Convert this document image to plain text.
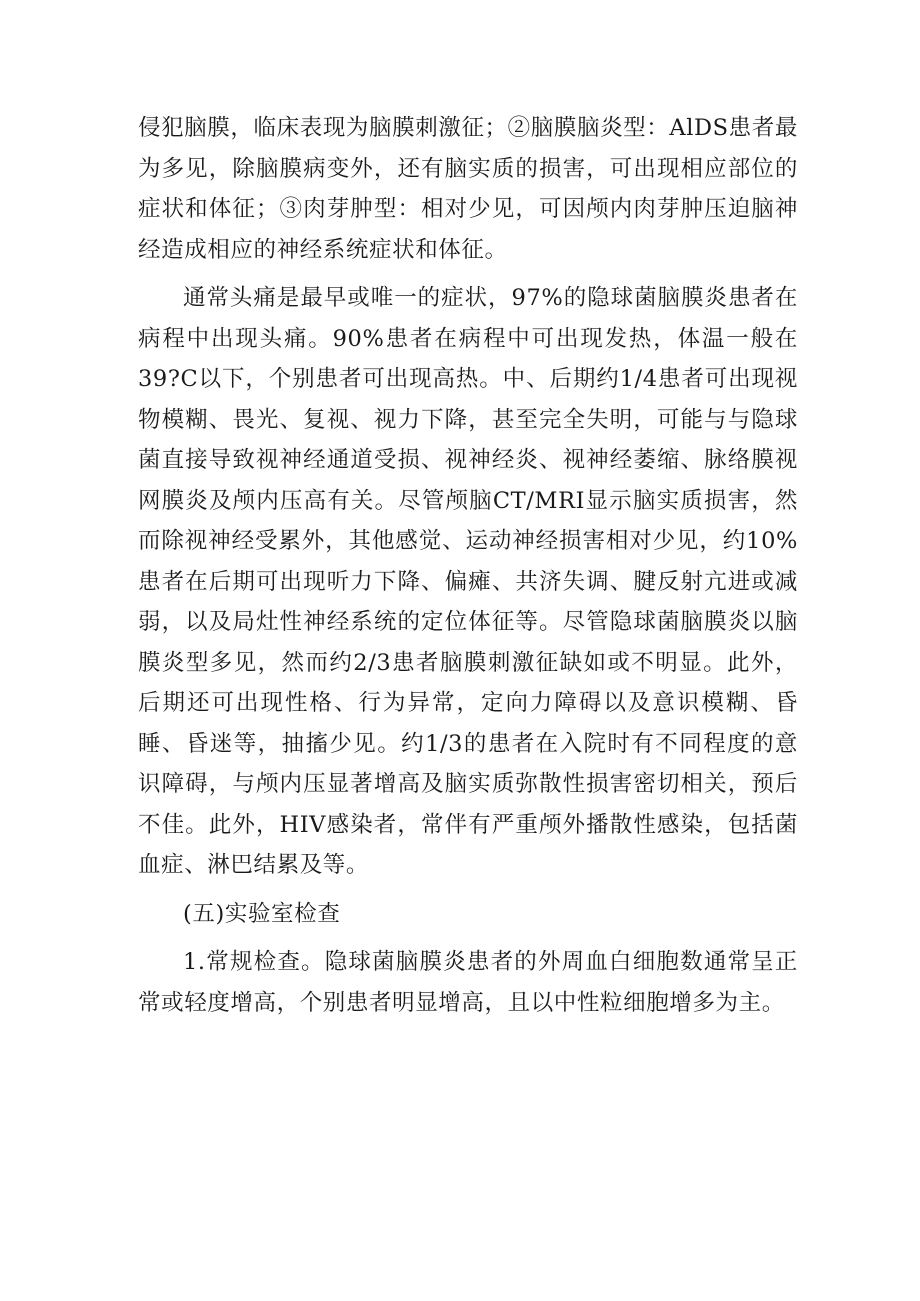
侵犯脑膜，临床表现为脑膜刺激征；②脑膜脑炎型：AlDS患者最为多见，除脑膜病变外，还有脑实质的损害，可出现相应部位的症状和体征；③肉芽肿型：相对少见，可因颅内肉芽肿压迫脑神经造成相应的神经系统症状和体征。

通常头痛是最早或唯一的症状，97%的隐球菌脑膜炎患者在病程中出现头痛。90%患者在病程中可出现发热，体温一般在39?C以下，个别患者可出现高热。中、后期约1/4患者可出现视物模糊、畏光、复视、视力下降，甚至完全失明，可能与与隐球菌直接导致视神经通道受损、视神经炎、视神经萎缩、脉络膜视网膜炎及颅内压高有关。尽管颅脑CT/MRI显示脑实质损害，然而除视神经受累外，其他感觉、运动神经损害相对少见，约10%患者在后期可出现听力下降、偏瘫、共济失调、腱反射亢进或减弱，以及局灶性神经系统的定位体征等。尽管隐球菌脑膜炎以脑膜炎型多见，然而约2/3患者脑膜刺激征缺如或不明显。此外，后期还可出现性格、行为异常，定向力障碍以及意识模糊、昏睡、昏迷等，抽搐少见。约1/3的患者在入院时有不同程度的意识障碍，与颅内压显著增高及脑实质弥散性损害密切相关，预后不佳。此外，HIV感染者，常伴有严重颅外播散性感染，包括菌血症、淋巴结累及等。

(五)实验室检查

1.常规检查。隐球菌脑膜炎患者的外周血白细胞数通常呈正常或轻度增高，个别患者明显增高，且以中性粒细胞增多为主。
